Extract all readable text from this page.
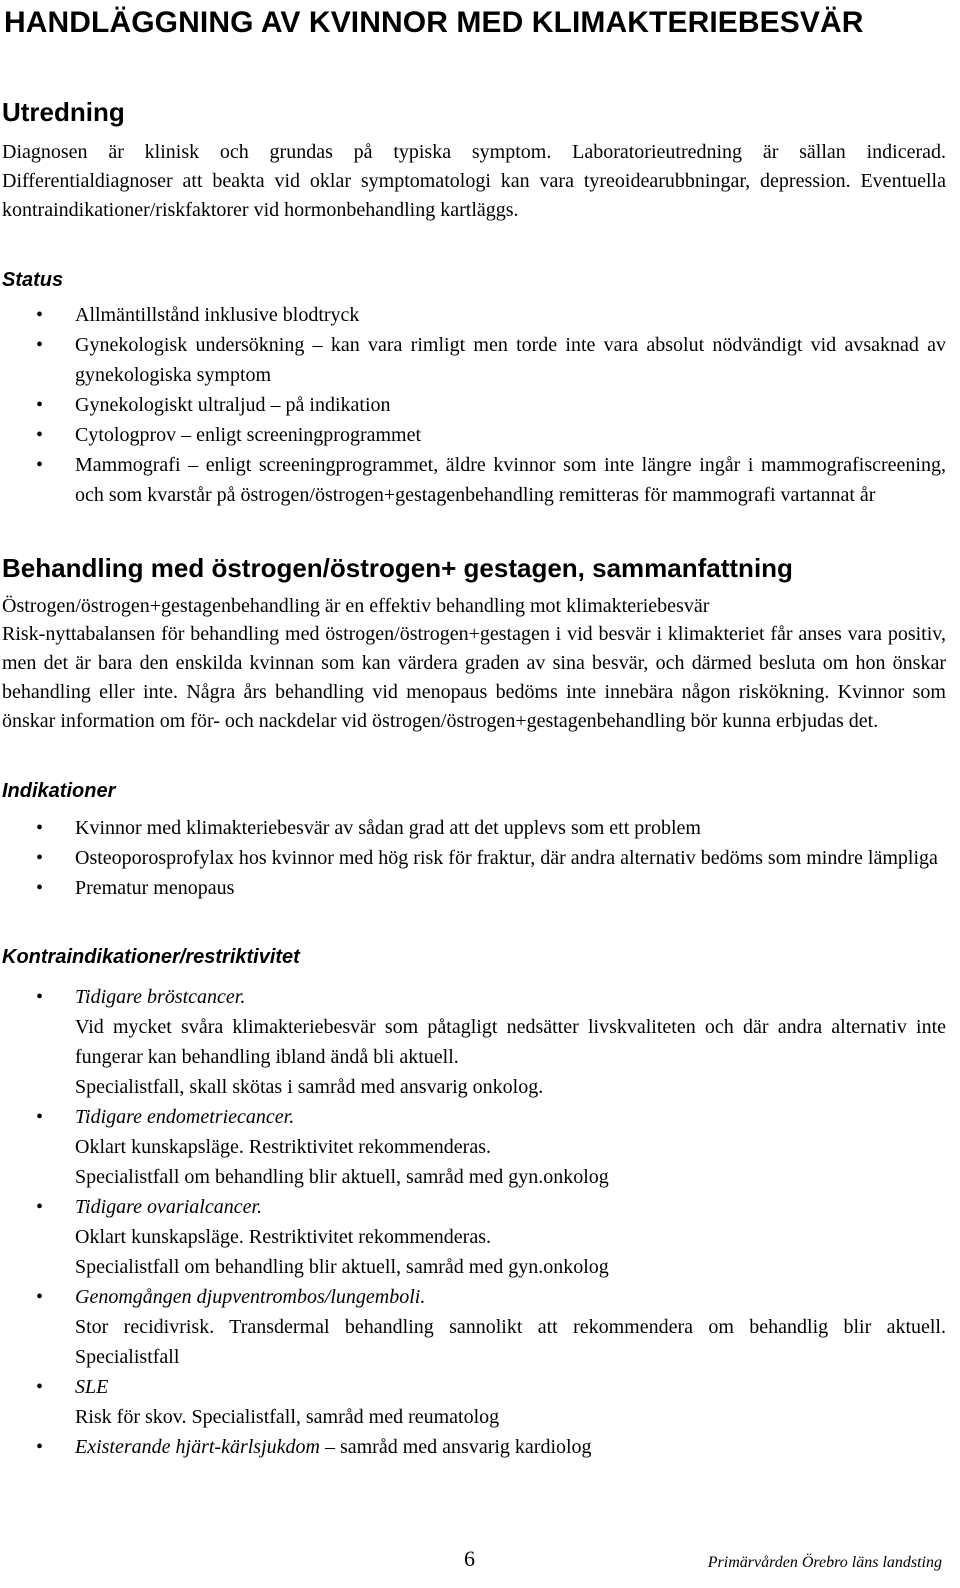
HANDLÄGGNING AV KVINNOR MED KLIMAKTERIEBESVÄR
Utredning

Diagnosen är klinisk och grundas på typiska symptom. Laboratorieutredning är sällan indicerad. Differentialdiagnoser att beakta vid oklar symptomatologi kan vara tyreoidearubbningar, depression. Eventuella kontraindikationer/riskfaktorer vid hormonbehandling kartläggs.

Status
• Allmäntillstånd inklusive blodtryck
• Gynekologisk undersökning – kan vara rimligt men torde inte vara absolut nödvändigt vid avsaknad av gynekologiska symptom
• Gynekologiskt ultraljud – på indikation
• Cytologprov – enligt screeningprogrammet
• Mammografi – enligt screeningprogrammet, äldre kvinnor som inte längre ingår i mammografiscreening, och som kvarstår på östrogen/östrogen+gestagenbehandling remitteras för mammografi vartannat år
Behandling med östrogen/östrogen+ gestagen, sammanfattning

Östrogen/östrogen+gestagenbehandling är en effektiv behandling mot klimakteriebesvär

Risk-nyttabalansen för behandling med östrogen/östrogen+gestagen i vid besvär i klimakteriet får anses vara positiv, men det är bara den enskilda kvinnan som kan värdera graden av sina besvär, och därmed besluta om hon önskar behandling eller inte. Några års behandling vid menopaus bedöms inte innebära någon riskökning. Kvinnor som önskar information om för- och nackdelar vid östrogen/östrogen+gestagenbehandling bör kunna erbjudas det.

Indikationer
• Kvinnor med klimakteriebesvär av sådan grad att det upplevs som ett problem
• Osteoporosprofylax hos kvinnor med hög risk för fraktur, där andra alternativ bedöms som mindre lämpliga
• Prematur menopaus
Kontraindikationer/restriktivitet
• Tidigare bröstcancer.
Vid mycket svåra klimakteriebesvär som påtagligt nedsätter livskvaliteten och där andra alternativ inte fungerar kan behandling ibland ändå bli aktuell.
Specialistfall, skall skötas i samråd med ansvarig onkolog.
• Tidigare endometriecancer.
Oklart kunskapsläge. Restriktivitet rekommenderas.
Specialistfall om behandling blir aktuell, samråd med gyn.onkolog
• Tidigare ovarialcancer.
Oklart kunskapsläge. Restriktivitet rekommenderas.
Specialistfall om behandling blir aktuell, samråd med gyn.onkolog
• Genomgången djupventrombos/lungemboli.
Stor recidivrisk. Transdermal behandling sannolikt att rekommendera om behandlig blir aktuell. Specialistfall
• SLE
Risk för skov. Specialistfall, samråd med reumatolog
• Existerande hjärt-kärlsjukdom – samråd med ansvarig kardiolog
6	Primärvården Örebro läns landsting
